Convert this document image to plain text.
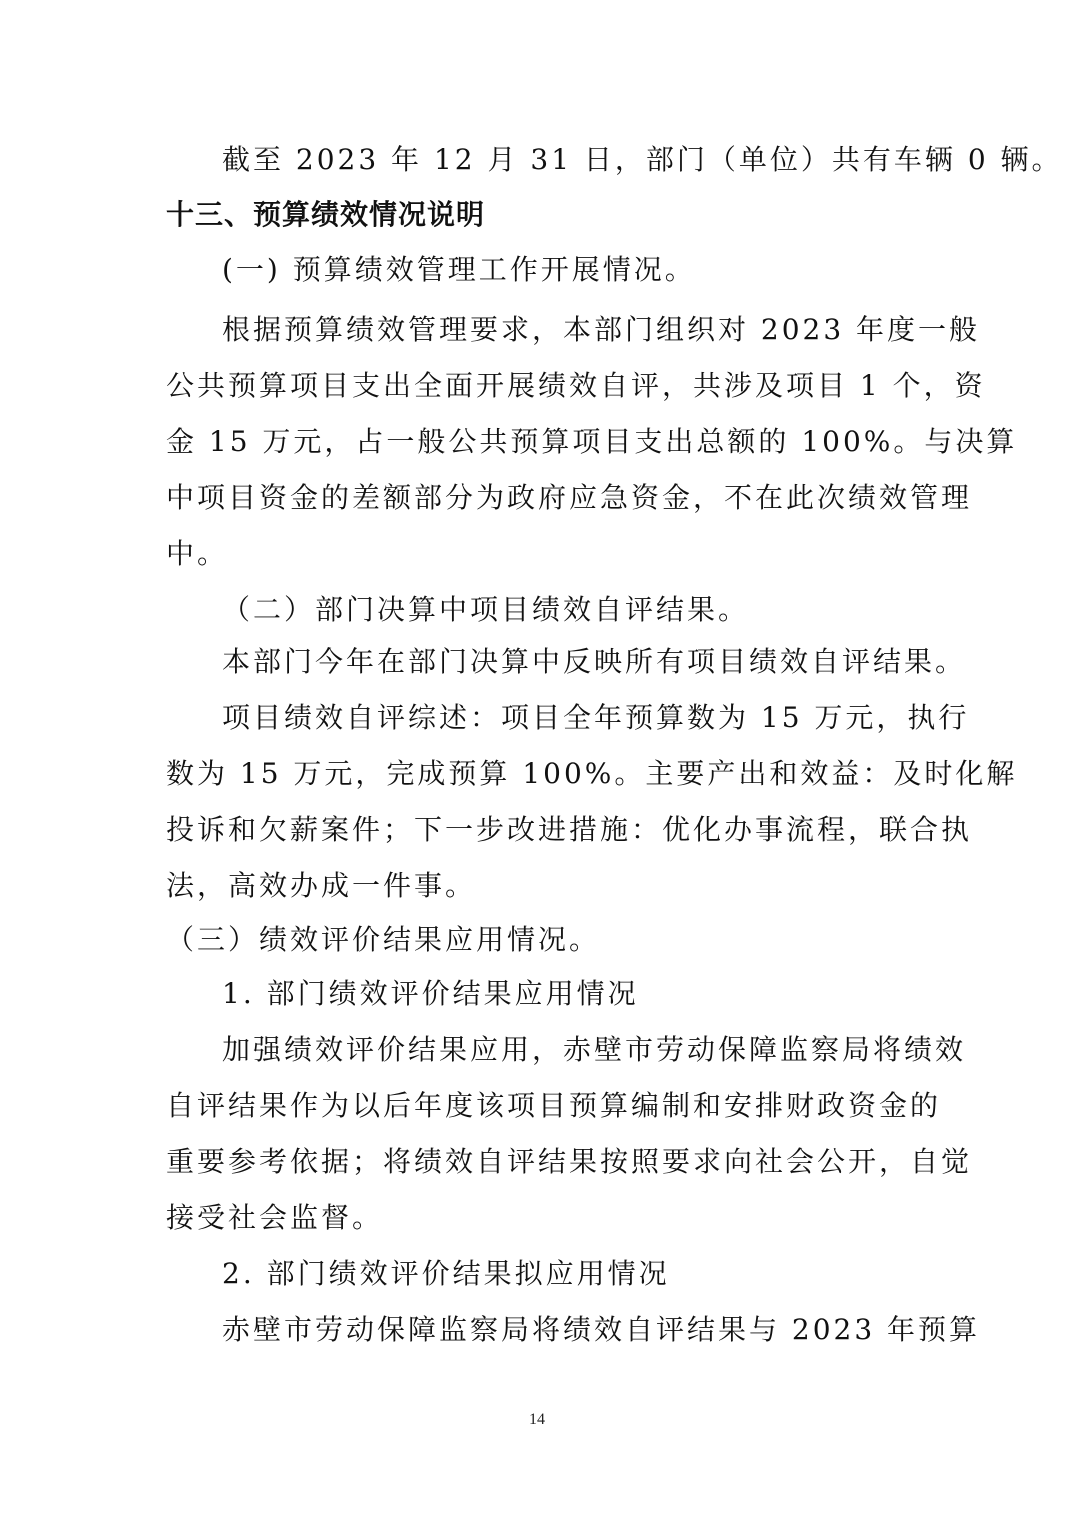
截至 2023 年 12 月 31 日，部门（单位）共有车辆 0 辆。
十三、预算绩效情况说明
(一) 预算绩效管理工作开展情况。
根据预算绩效管理要求，本部门组织对 2023 年度一般
公共预算项目支出全面开展绩效自评，共涉及项目 1 个，资
金 15 万元，占一般公共预算项目支出总额的 100%。与决算
中项目资金的差额部分为政府应急资金，不在此次绩效管理
中。
（二）部门决算中项目绩效自评结果。
本部门今年在部门决算中反映所有项目绩效自评结果。
项目绩效自评综述：项目全年预算数为 15 万元，执行
数为 15 万元，完成预算 100%。主要产出和效益：及时化解
投诉和欠薪案件；下一步改进措施：优化办事流程，联合执
法，高效办成一件事。
（三）绩效评价结果应用情况。
1. 部门绩效评价结果应用情况
加强绩效评价结果应用，赤壁市劳动保障监察局将绩效
自评结果作为以后年度该项目预算编制和安排财政资金的
重要参考依据；将绩效自评结果按照要求向社会公开，自觉
接受社会监督。
2. 部门绩效评价结果拟应用情况
赤壁市劳动保障监察局将绩效自评结果与 2023 年预算
14
